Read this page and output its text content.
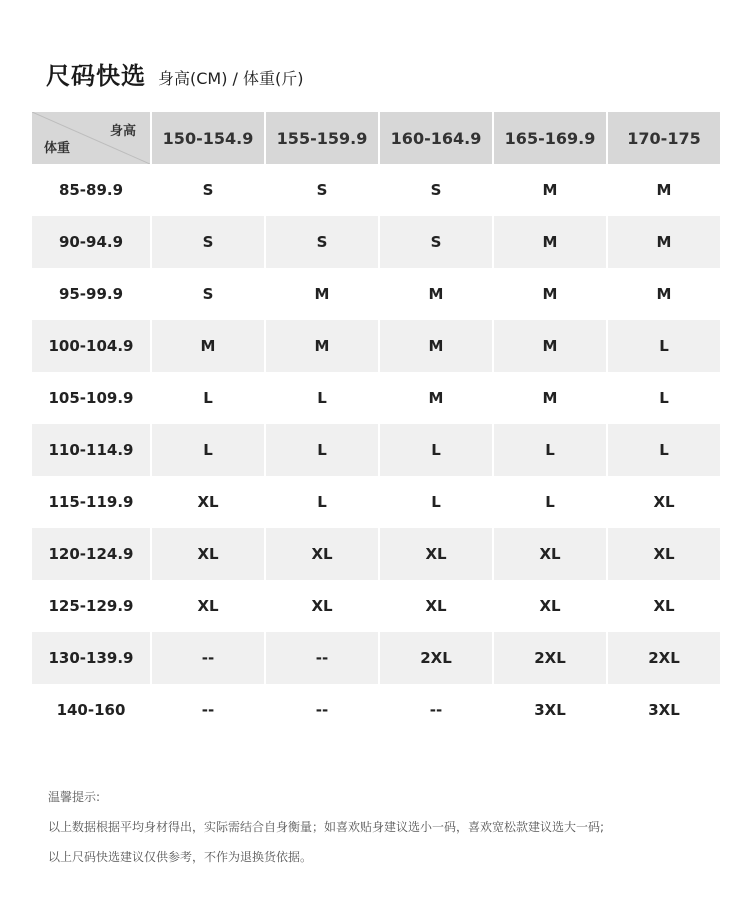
尺码快选 身高(CM) / 体重(斤)
身高
体重
150-154.9	155-159.9	160-164.9	165-169.9	170-175
85-89.9	S	S	S	M	M
90-94.9	S	S	S	M	M
95-99.9	S	M	M	M	M
100-104.9	M	M	M	M	L
105-109.9	L	L	M	M	L
110-114.9	L	L	L	L	L
115-119.9	XL	L	L	L	XL
120-124.9	XL	XL	XL	XL	XL
125-129.9	XL	XL	XL	XL	XL
130-139.9	--	--	2XL	2XL	2XL
140-160	--	--	--	3XL	3XL
温馨提示:
以上数据根据平均身材得出，实际需结合自身衡量；如喜欢贴身建议选小一码，喜欢宽松款建议选大一码;
以上尺码快选建议仅供参考，不作为退换货依据。
